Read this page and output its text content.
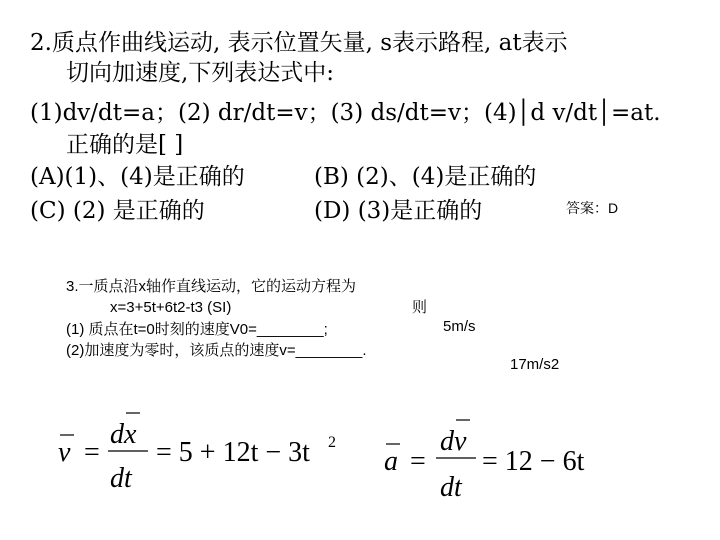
2.质点作曲线运动, 表示位置矢量, s表示路程, at表示
切向加速度,下列表达式中:
(1)dv/dt=a；(2) dr/dt=v；(3) ds/dt=v；(4)│d v/dt│=at.
正确的是[ ]
(A)(1)、(4)是正确的	(B) (2)、(4)是正确的
(C) (2) 是正确的	(D) (3)是正确的	答案：D
3.一质点沿x轴作直线运动，它的运动方程为
x=3+5t+6t2-t3 (SI)	则
(1) 质点在t=0时刻的速度V0=________;	5m/s
(2)加速度为零时，该质点的速度v=________.
17m/s2
v =
dx
dt
= 5 + 12t − 3t 2
a =
dv
dt
= 12 − 6t
